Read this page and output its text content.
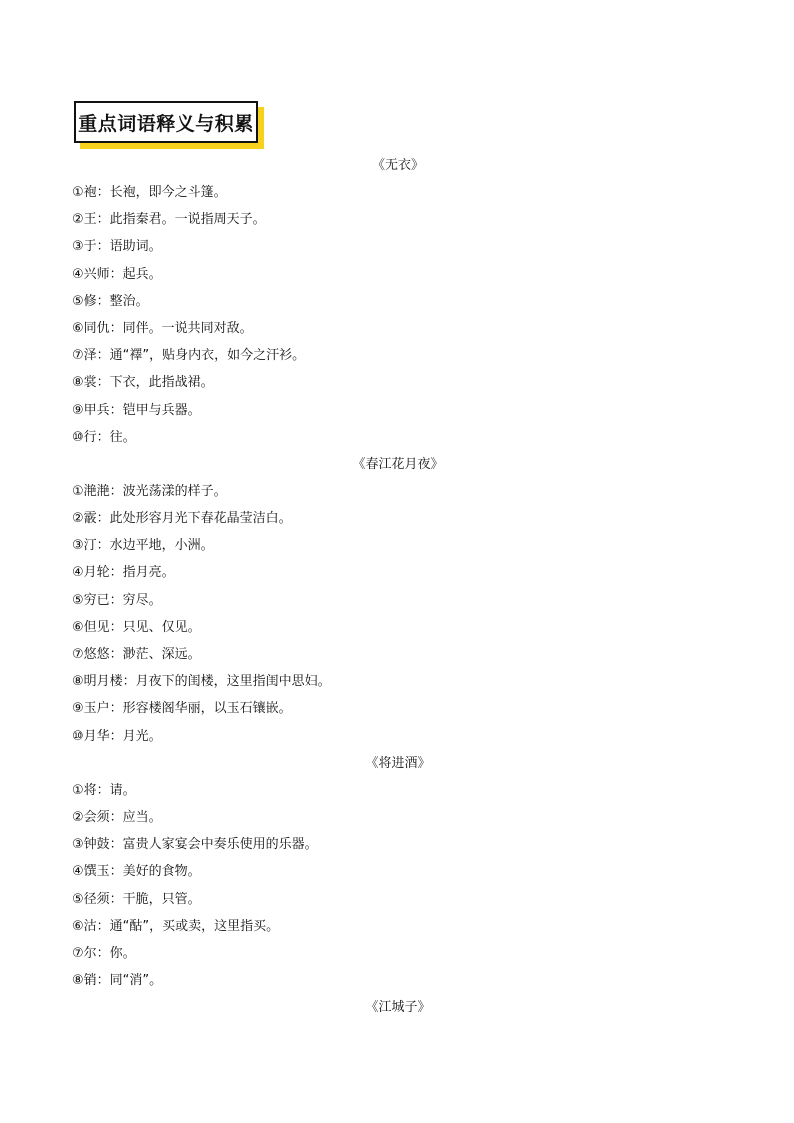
重点词语释义与积累
《无衣》
①袍：长袍，即今之斗篷。
②王：此指秦君。一说指周天子。
③于：语助词。
④兴师：起兵。
⑤修：整治。
⑥同仇：同伴。一说共同对敌。
⑦泽：通“襗”，贴身内衣，如今之汗衫。
⑧裳：下衣，此指战裙。
⑨甲兵：铠甲与兵器。
⑩行：往。
《春江花月夜》
①滟滟：波光荡漾的样子。
②霰：此处形容月光下春花晶莹洁白。
③汀：水边平地，小洲。
④月轮：指月亮。
⑤穷已：穷尽。
⑥但见：只见、仅见。
⑦悠悠：渺茫、深远。
⑧明月楼：月夜下的闺楼，这里指闺中思妇。
⑨玉户：形容楼阁华丽，以玉石镶嵌。
⑩月华：月光。
《将进酒》
①将：请。
②会须：应当。
③钟鼓：富贵人家宴会中奏乐使用的乐器。
④馔玉：美好的食物。
⑤径须：干脆，只管。
⑥沽：通“酤”，买或卖，这里指买。
⑦尔：你。
⑧销：同“消”。
《江城子》
